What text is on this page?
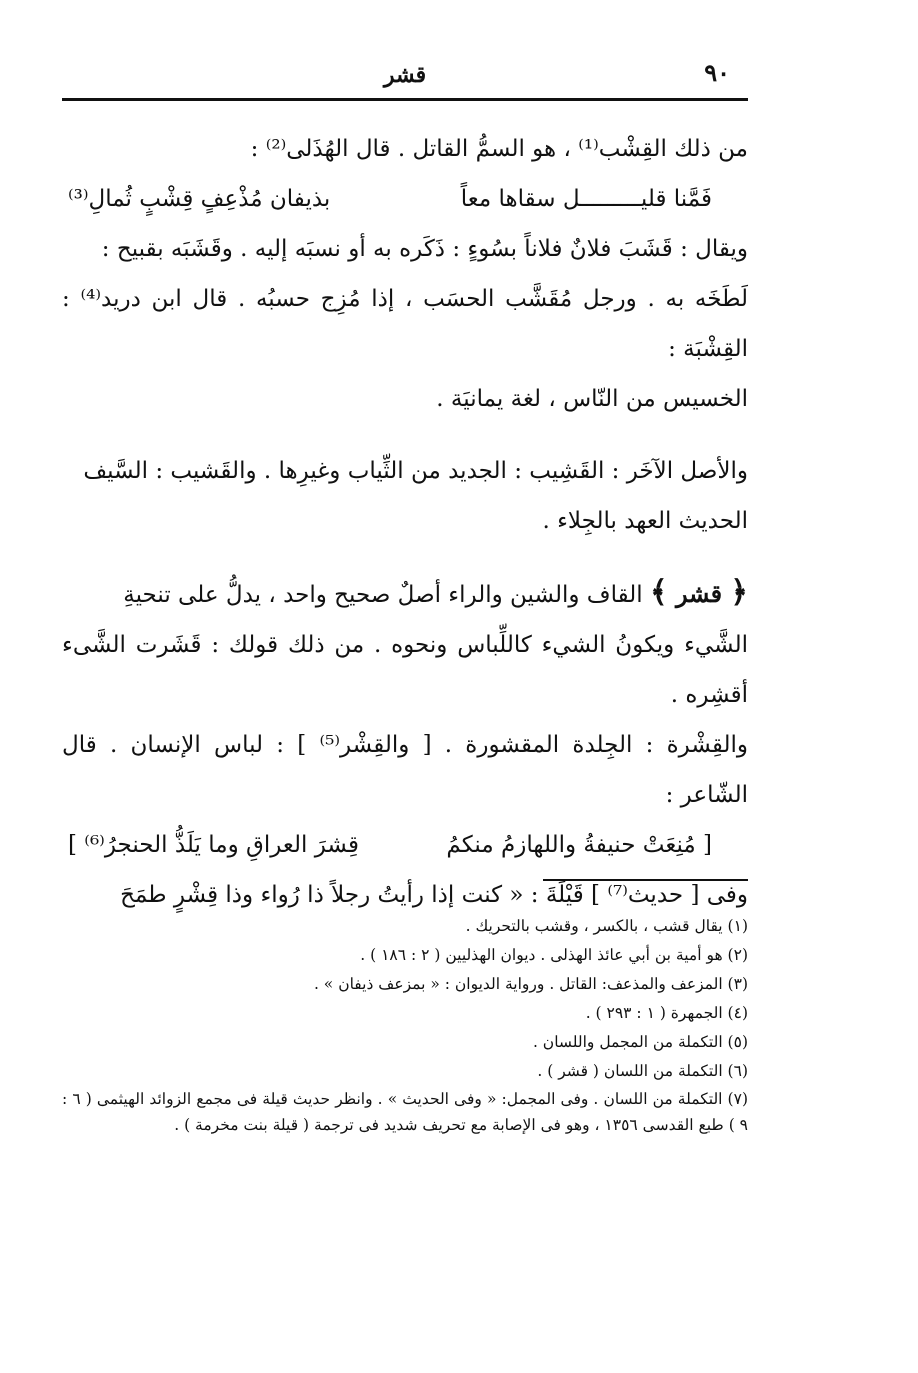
٩٠
قشر

من ذلك القِشْب⁽¹⁾ ، هو السمُّ القاتل . قال الهُذَلى⁽²⁾ :

فَمَّنا قليـــــــــل سقاها معاً
بذيفان مُذْعِفٍ قِشْبٍ ثُمالِ⁽³⁾

ويقال : قَشَبَ فلانٌ فلاناً بسُوءٍ : ذَكَره به أو نسبَه إليه . وقَشَبَه بقبيح :

لَطَخَه به . ورجل مُقَشَّب الحسَب ، إذا مُزِج حسبُه . قال ابن دريد⁽⁴⁾ : القِشْبَة :

الخسيس من النّاس ، لغة يمانيَة .

والأصل الآخَر : القَشِيب : الجديد من الثِّياب وغيرِها . والقَشيب : السَّيف

الحديث العهد بالجِلاء .

﴿ قشر ﴾ القاف والشين والراء أصلٌ صحيح واحد ، يدلُّ على تنحيةِ

الشَّيء ويكونُ الشيء كاللِّباس ونحوه . من ذلك قولك : قَشَرت الشَّىء أقشِره .

والقِشْرة : الجِلدة المقشورة . [ والقِشْر⁽⁵⁾ ] : لباس الإنسان . قال الشّاعر :

[ مُنِعَتْ حنيفةُ واللهازمُ منكمُ
قِشرَ العراقِ وما يَلَذُّ الحنجرُ⁽⁶⁾ ]

وفى [ حديث⁽⁷⁾ ] قَيْلَةَ : « كنت إذا رأيتُ رجلاً ذا رُواء وذا قِشْرٍ طمَحَ

(١) يقال قشب ، بالكسر ، وقشب بالتحريك .

(٢) هو أمية بن أبي عائذ الهذلى . ديوان الهذليين ( ٢ : ١٨٦ ) .

(٣) المزعف والمذعف: القاتل . ورواية الديوان : « بمزعف ذيفان » .

(٤) الجمهرة ( ١ : ٢٩٣ ) .

(٥) التكملة من المجمل واللسان .

(٦) التكملة من اللسان ( قشر ) .

(٧) التكملة من اللسان . وفى المجمل: « وفى الحديث » . وانظر حديث قيلة فى مجمع الزوائد الهيثمى ( ٦ : ٩ ) طبع القدسى ١٣٥٦ ، وهو فى الإصابة مع تحريف شديد فى ترجمة ( قيلة بنت مخرمة ) .
